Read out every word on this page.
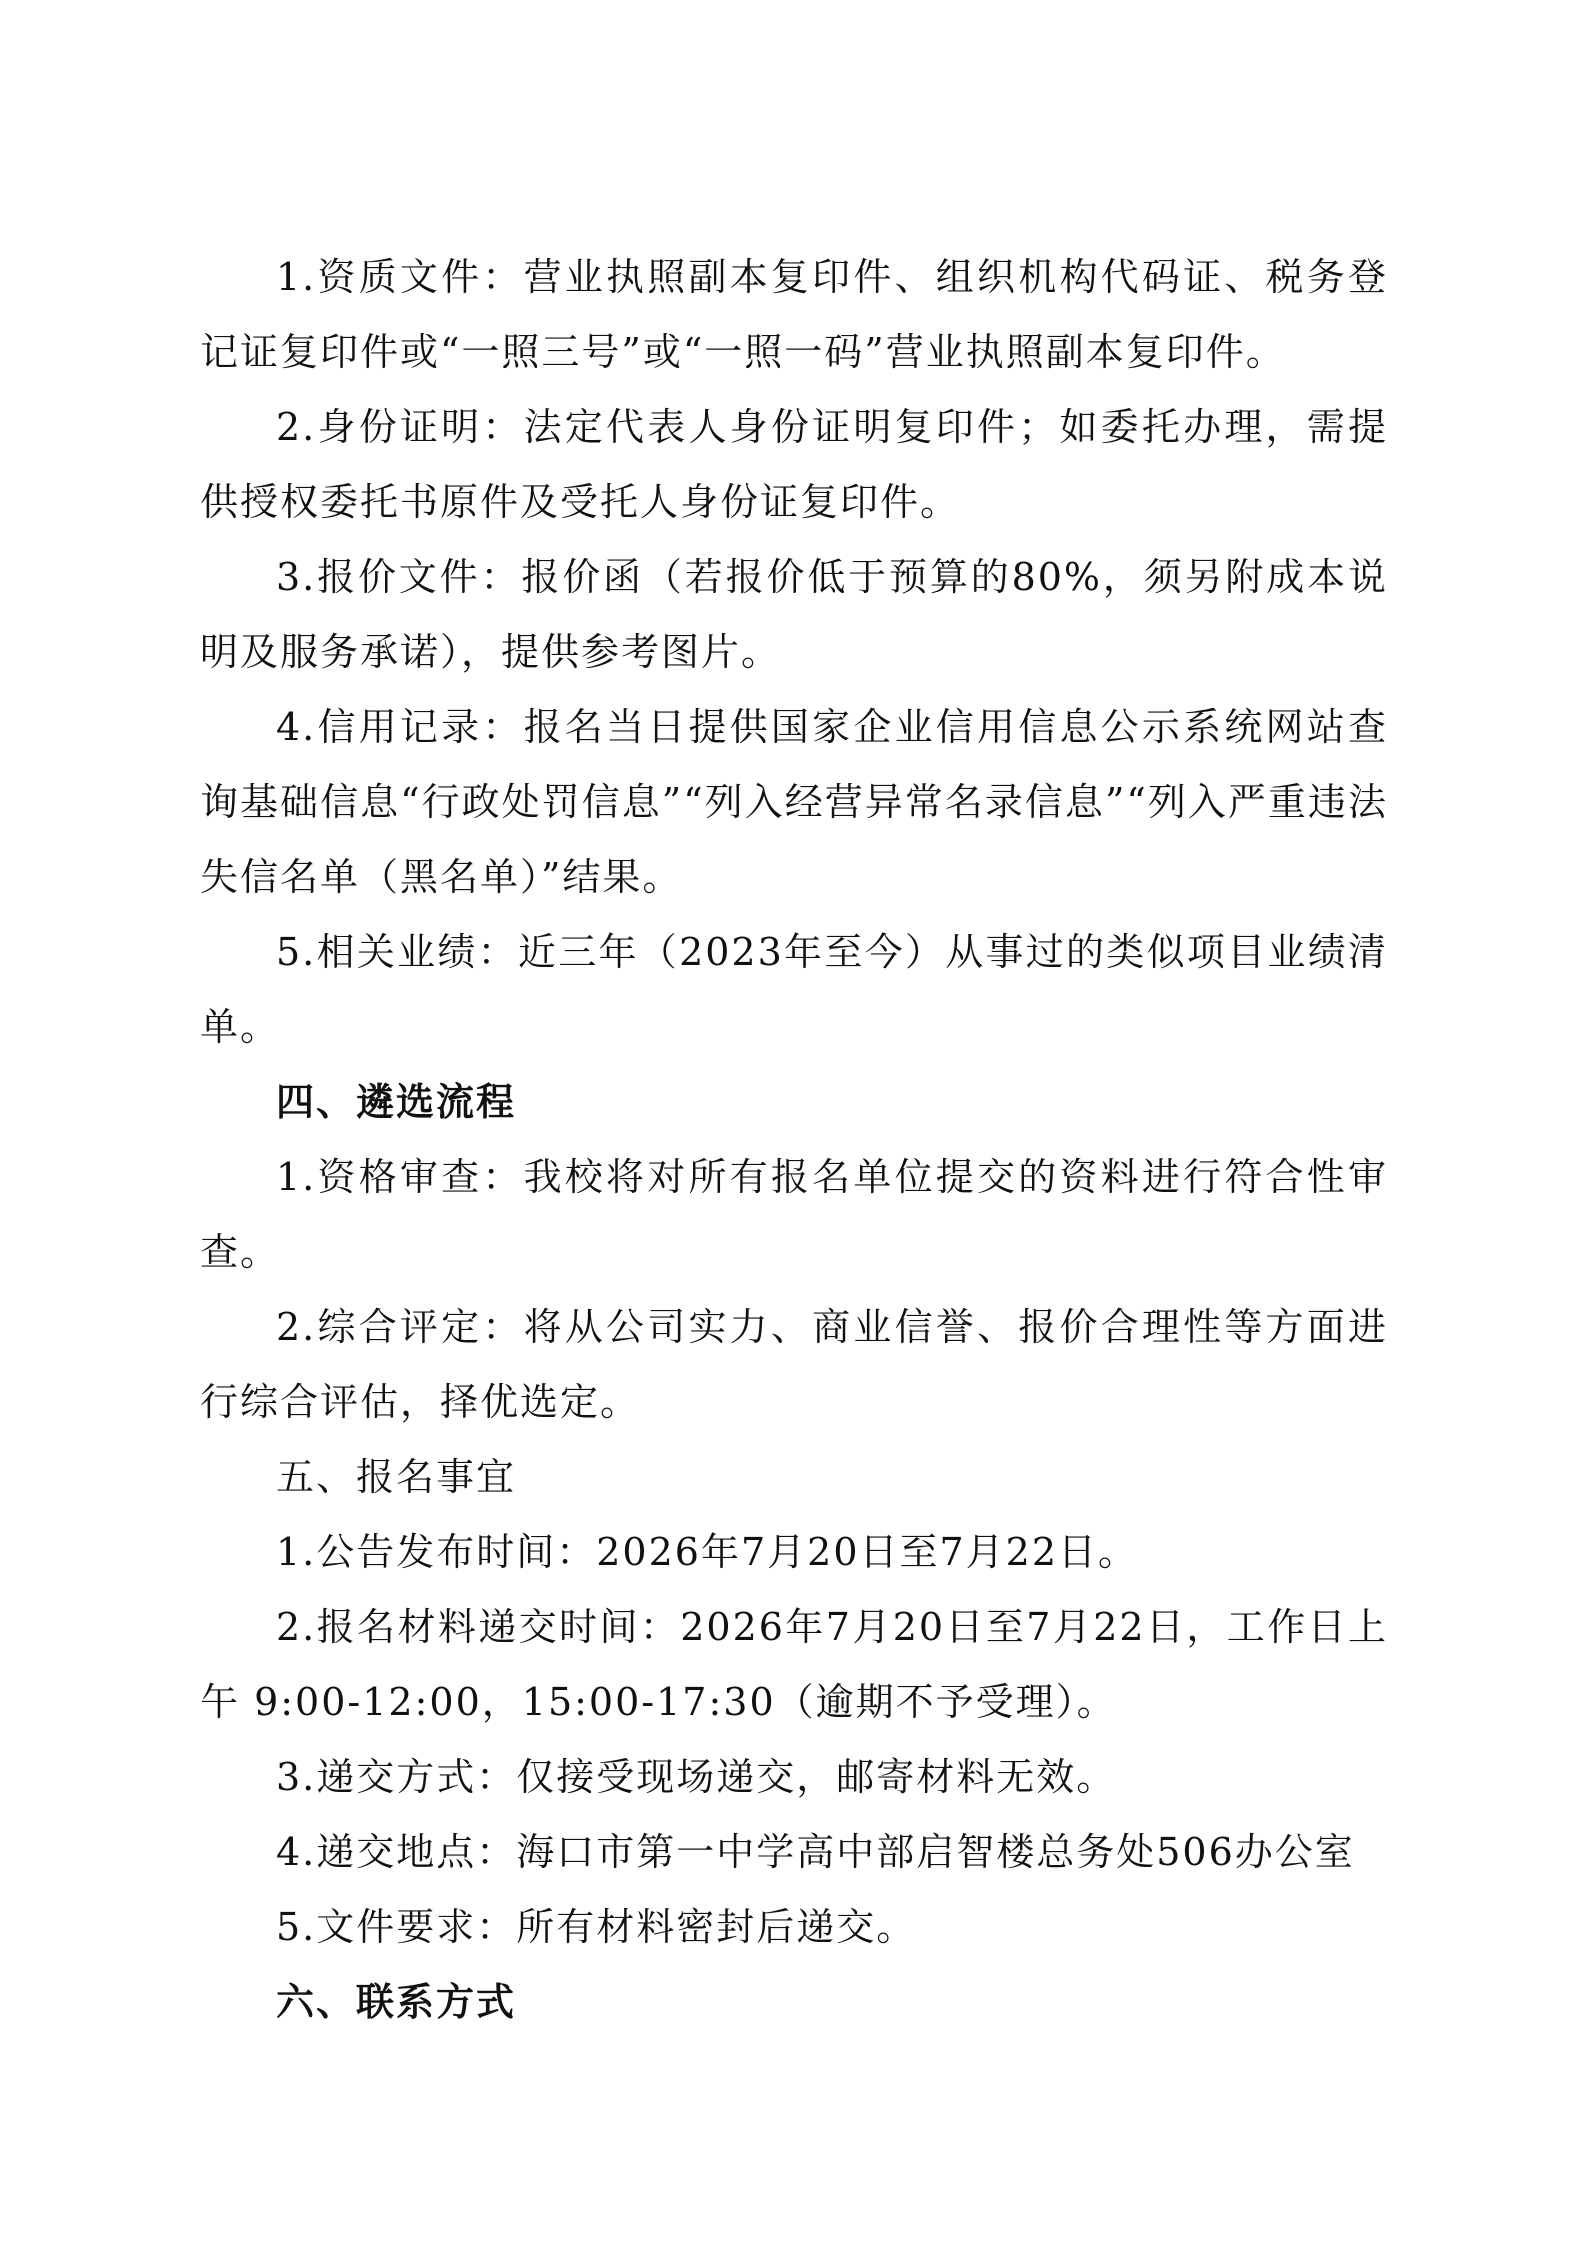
1.资质文件：营业执照副本复印件、组织机构代码证、税务登记证复印件或“一照三号”或“一照一码”营业执照副本复印件。

2.身份证明：法定代表人身份证明复印件；如委托办理，需提供授权委托书原件及受托人身份证复印件。

3.报价文件：报价函（若报价低于预算的80%，须另附成本说明及服务承诺），提供参考图片。

4.信用记录：报名当日提供国家企业信用信息公示系统网站查询基础信息“行政处罚信息”“列入经营异常名录信息”“列入严重违法失信名单（黑名单）”结果。

5.相关业绩：近三年（2023年至今）从事过的类似项目业绩清单。

四、遴选流程

1.资格审查：我校将对所有报名单位提交的资料进行符合性审查。

2.综合评定：将从公司实力、商业信誉、报价合理性等方面进行综合评估，择优选定。

五、报名事宜

1.公告发布时间：2026年7月20日至7月22日。

2.报名材料递交时间：2026年7月20日至7月22日，工作日上午 9:00-12:00，15:00-17:30（逾期不予受理）。

3.递交方式：仅接受现场递交，邮寄材料无效。

4.递交地点：海口市第一中学高中部启智楼总务处506办公室

5.文件要求：所有材料密封后递交。

六、联系方式
